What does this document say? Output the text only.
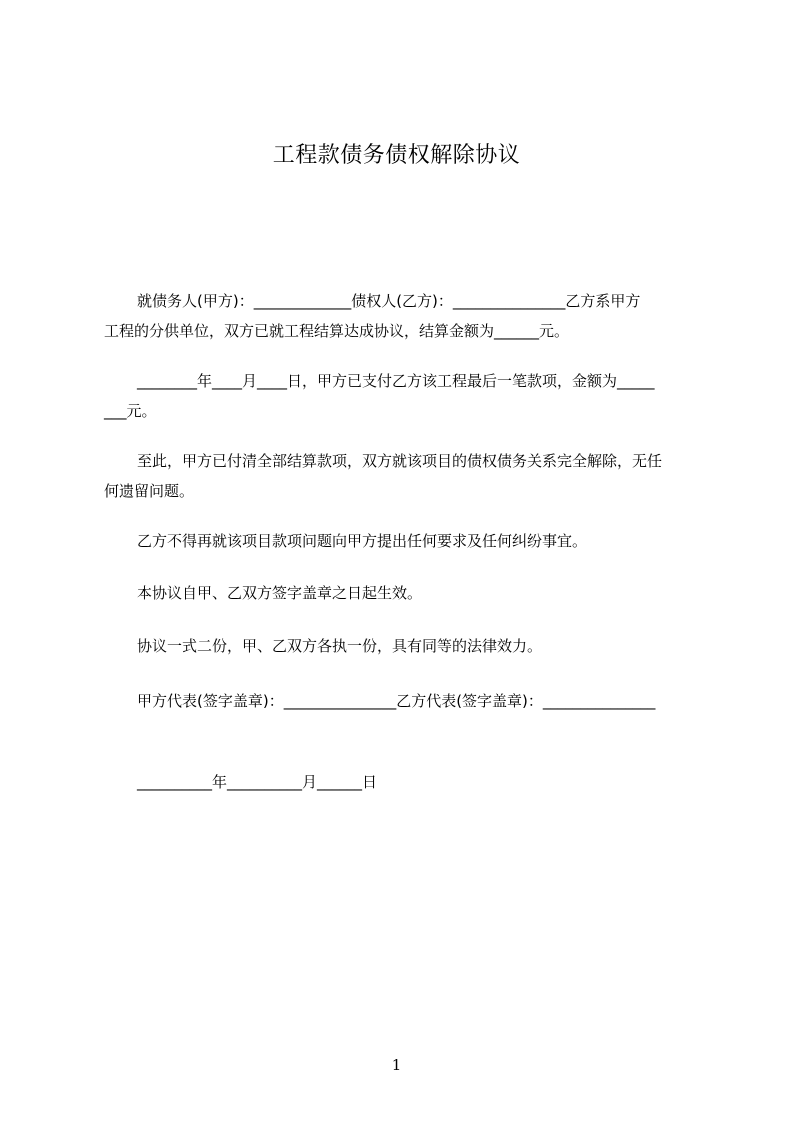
工程款债务债权解除协议
就债务人(甲方)：_____________债权人(乙方)：_______________乙方系甲方
工程的分供单位，双方已就工程结算达成协议，结算金额为______元。
________年____月____日，甲方已支付乙方该工程最后一笔款项，金额为_____
___元。
至此，甲方已付清全部结算款项，双方就该项目的债权债务关系完全解除，无任
何遗留问题。
乙方不得再就该项目款项问题向甲方提出任何要求及任何纠纷事宜。
本协议自甲、乙双方签字盖章之日起生效。
协议一式二份，甲、乙双方各执一份，具有同等的法律效力。
甲方代表(签字盖章)：_______________乙方代表(签字盖章)：_______________
__________年__________月______日
1
